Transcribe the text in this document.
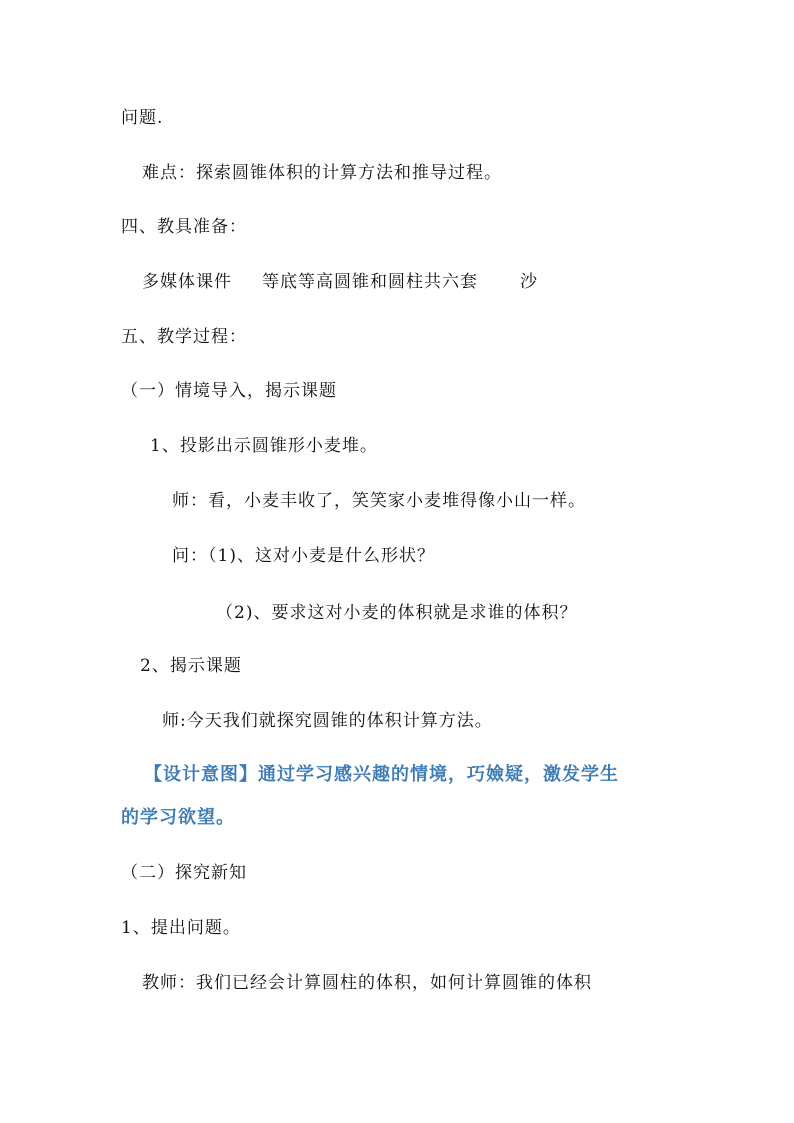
问题.
难点：探索圆锥体积的计算方法和推导过程。
四、教具准备：
多媒体课件 等底等高圆锥和圆柱共六套 沙
五、教学过程：
（一）情境导入，揭示课题
1、投影出示圆锥形小麦堆。
师：看，小麦丰收了，笑笑家小麦堆得像小山一样。
问：（1)、这对小麦是什么形状？
（2)、要求这对小麦的体积就是求谁的体积？
2、揭示课题
师:今天我们就探究圆锥的体积计算方法。
【设计意图】通过学习感兴趣的情境，巧嬐疑，激发学生
的学习欲望。
（二）探究新知
1、提出问题。
教师：我们已经会计算圆柱的体积，如何计算圆锥的体积
